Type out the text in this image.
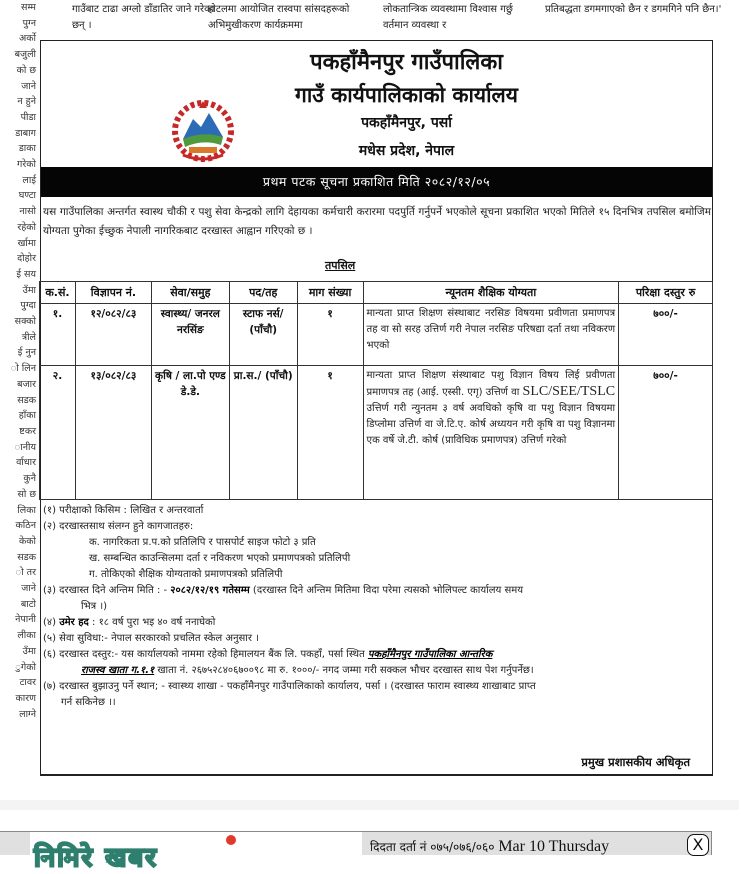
गाउँबाट टाढा अग्लो डाँडातिर जाने गरेका छन् ।
होटलमा आयोजित रास्वपा सांसदहरूको अभिमुखीकरण कार्यक्रममा
लोकतान्त्रिक व्यवस्थामा विश्वास गर्छु वर्तमान व्यवस्था र
प्रतिबद्धता डगमगाएको छैन र डगमगिने पनि छैन।'
सम्म
पुग्न
अर्को
बजुली
को छ
जाने
न हुने
पीडा
डाबाग
डाका
गरेको
लाई
घण्टा
नासो
रहेको
र्खामा
दोहोर
ई सय
उँमा
पुग्दा
सक्को
त्रीले
ई नुन
ो लिन
बजार
सडक
हाँका
ष्टकर
ानीय
र्वाधार
कुनै
सो छ
लिका
कठिन
केको
सडक
ो तर
जाने
बाटो
नेपानी
लीका
उँमा
ुगेको
टावर
कारण
लाग्ने
पकहाँमैनपुर गाउँपालिका
गाउँ कार्यपालिकाको कार्यालय
पकहाँमैनपुर, पर्सा
मधेस प्रदेश, नेपाल
प्रथम पटक सूचना प्रकाशित मिति २०८२/१२/०५
यस गाउँपालिका अन्तर्गत स्वास्थ चौकी र पशु सेवा केन्द्रको लागि देहायका कर्मचारी करारमा पदपुर्ति गर्नुपर्ने भएकोले सूचना प्रकाशित भएको मितिले १५ दिनभित्र तपसिल बमोजिम योग्यता पुगेका ईच्छुक नेपाली नागरिकबाट दरखास्त आह्वान गरिएको छ ।
तपसिल
क.सं.	विज्ञापन नं.	सेवा/समुह	पद/तह	माग संख्या	न्यूनतम शैक्षिक योग्यता	परिक्षा दस्तुर रु
१.	१२/०८२/८३	स्वास्थ्य/ जनरल नरसिंङ	स्टाफ नर्स/ (पाँचौ)	१	मान्यता प्राप्त शिक्षण संस्थाबाट नरसिङ विषयमा प्रवीणता प्रमाणपत्र तह वा सो सरह उत्तिर्ण गरी नेपाल नरसिङ परिषद्या दर्ता तथा नविकरण भएको	७००/-
२.	१३/०८२/८३	कृषि / ला.पो एण्ड डे.डे.	प्रा.स./ (पाँचौ)	१	मान्यता प्राप्त शिक्षण संस्थाबाट पशु विज्ञान विषय लिई प्रवीणता प्रमाणपत्र तह (आई. एस्सी. एगृ) उत्तिर्ण वा SLC/SEE/TSLC उत्तिर्ण गरी न्युनतम ३ वर्ष अवधिको कृषि वा पशु विज्ञान विषयमा डिप्लोमा उत्तिर्ण वा जे.टि.ए. कोर्ष अध्ययन गरी कृषि वा पशु विज्ञानमा एक वर्षे जे.टी. कोर्ष (प्राविधिक प्रमाणपत्र) उत्तिर्ण गरेको	७००/-
(१) परीक्षाको किसिम : लिखित र अन्तरवार्ता
(२) दरखास्तसाथ संलग्न हुने कागजातहरु:
क. नागरिकता प्र.प.को प्रतिलिपि र पासपोर्ट साइज फोटो ३ प्रति
ख. सम्बन्धित काउन्सिलमा दर्ता र नविकरण भएको प्रमाणपत्रको प्रतिलिपी
ग. तोकिएको शैक्षिक योग्यताको प्रमाणपत्रको प्रतिलिपी
(३) दरखास्त दिने अन्तिम मिति : - २०८२/१२/१९ गतेसम्म (दरखास्त दिने अन्तिम मितिमा विदा परेमा त्यसको भोलिपल्ट कार्यालय समय
भित्र ।)
(४) उमेर हद : १८ वर्ष पुरा भइ ४० वर्ष ननाघेको
(५) सेवा सुविधा:- नेपाल सरकारको प्रचलित स्केल अनुसार ।
(६) दरखास्त दस्तुर:- यस कार्यालयको नाममा रहेको हिमालयन बैंक लि. पकहाँ, पर्सा स्थित पकहाँमैनपुर गाउँपालिका आन्तरिक
राजस्व खाता ग.१.१ खाता नं. २६७५२८४०६७००९८ मा रु. १०००/- नगद जम्मा गरी सक्कल भौचर दरखास्त साथ पेश गर्नुपर्नेछ।
(७) दरखास्त बुझाउनु पर्ने स्थान; - स्वास्थ्य शाखा - पकहाँमैनपुर गाउँपालिकाको कार्यालय, पर्सा । (दरखास्त फाराम स्वास्थ्य शाखाबाट प्राप्त
गर्न सकिनेछ ।।
प्रमुख प्रशासकीय अधिकृत
निमिरे खबर	दिदता दर्ता नं ०७५/०७६/०६० Mar 10 Thursday	X
